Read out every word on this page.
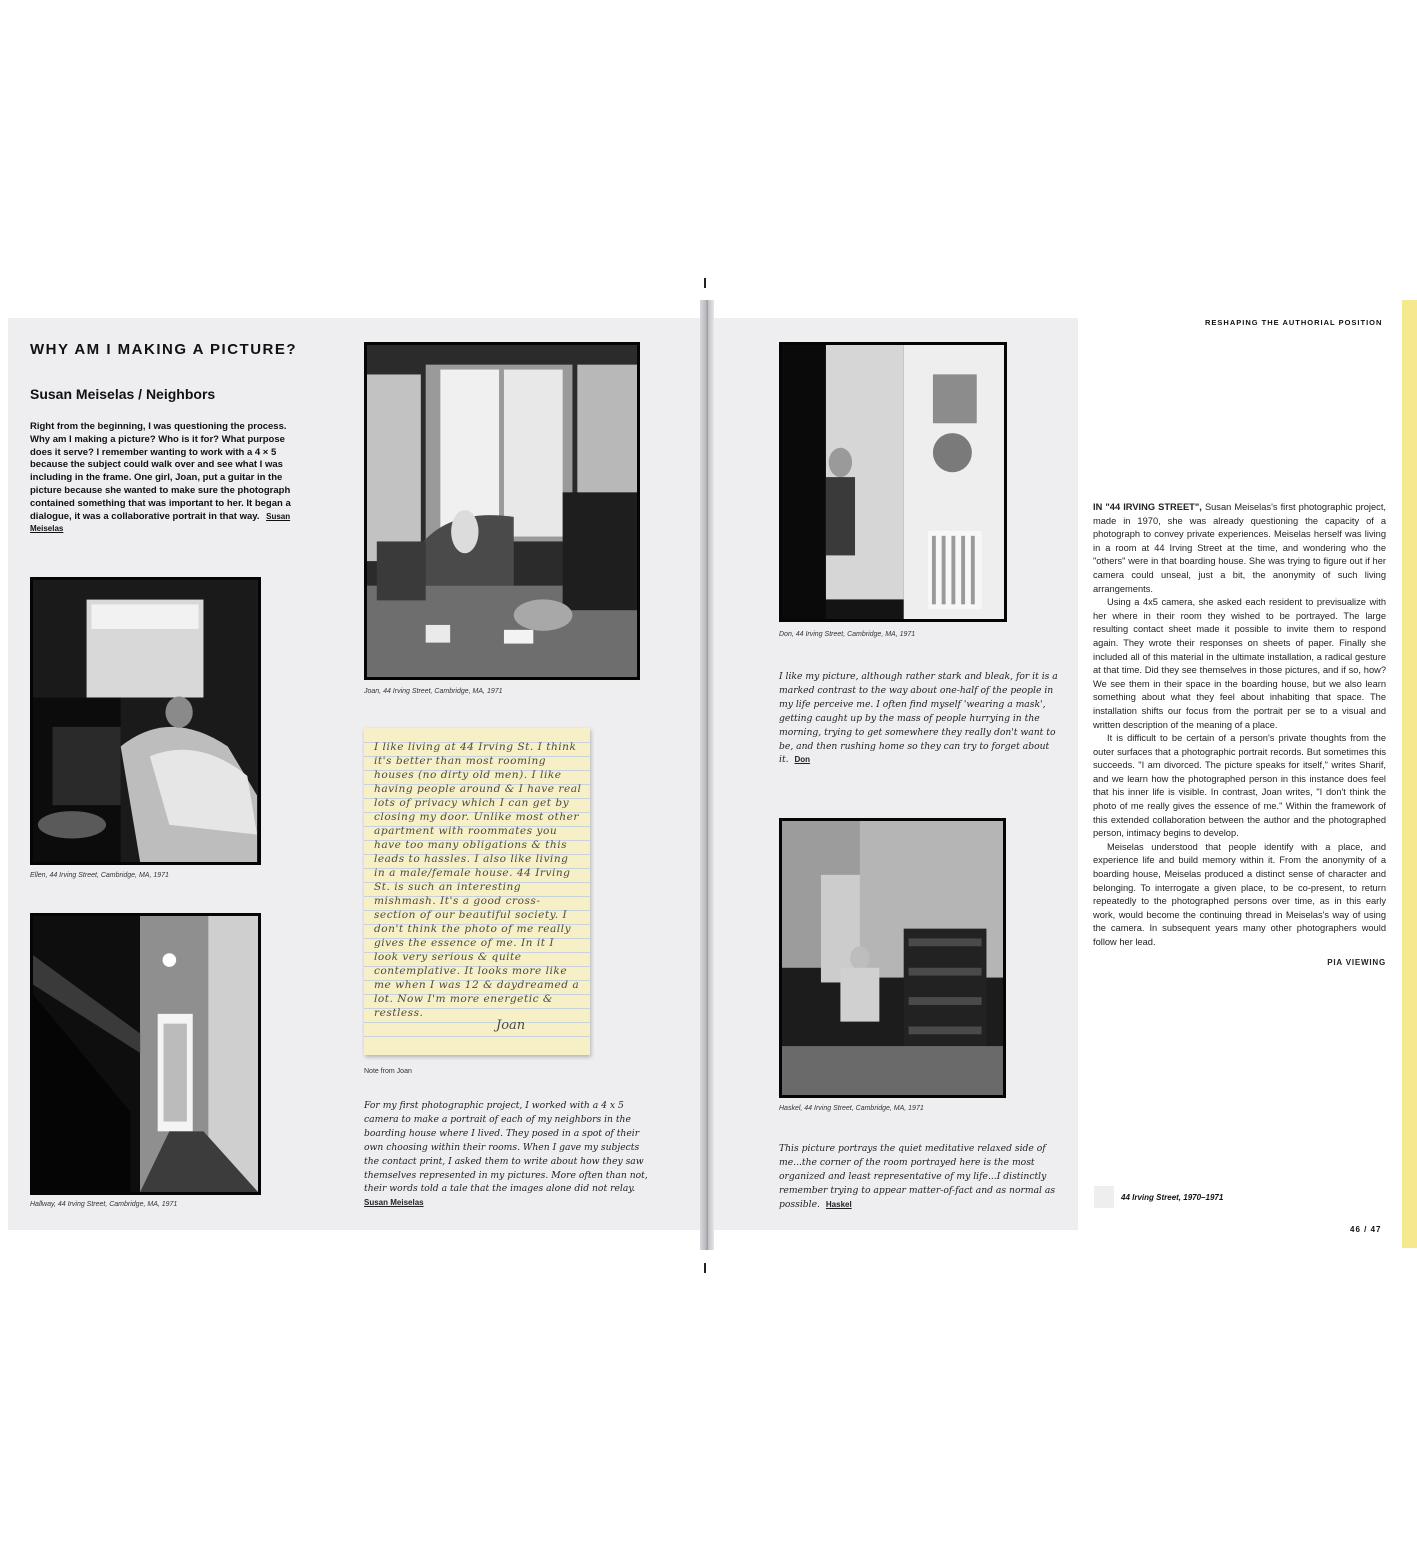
WHY AM I MAKING A PICTURE?
Susan Meiselas / Neighbors
Right from the beginning, I was questioning the process. Why am I making a picture? Who is it for? What purpose does it serve? I remember wanting to work with a 4 × 5 because the subject could walk over and see what I was including in the frame. One girl, Joan, put a guitar in the picture because she wanted to make sure the photograph contained something that was important to her. It began a dialogue, it was a collaborative portrait in that way. Susan Meiselas
Ellen, 44 Irving Street, Cambridge, MA, 1971
Hallway, 44 Irving Street, Cambridge, MA, 1971
Joan, 44 Irving Street, Cambridge, MA, 1971
I like living at 44 Irving St. I think it's better than most rooming houses (no dirty old men). I like having people around & I have real lots of privacy which I can get by closing my door. Unlike most other apartment with roommates you have too many obligations & this leads to hassles. I also like living in a male/female house. 44 Irving St. is such an interesting mishmash. It's a good cross-section of our beautiful society. I don't think the photo of me really gives the essence of me. In it I look very serious & quite contemplative. It looks more like me when I was 12 & daydreamed a lot. Now I'm more energetic & restless.
Joan
Note from Joan
For my first photographic project, I worked with a 4 x 5 camera to make a portrait of each of my neighbors in the boarding house where I lived. They posed in a spot of their own choosing within their rooms. When I gave my subjects the contact print, I asked them to write about how they saw themselves represented in my pictures. More often than not, their words told a tale that the images alone did not relay.
Susan Meiselas
RESHAPING THE AUTHORIAL POSITION
Don, 44 Irving Street, Cambridge, MA, 1971
I like my picture, although rather stark and bleak, for it is a marked contrast to the way about one-half of the people in my life perceive me. I often find myself 'wearing a mask', getting caught up by the mass of people hurrying in the morning, trying to get somewhere they really don't want to be, and then rushing home so they can try to forget about it. Don
Haskel, 44 Irving Street, Cambridge, MA, 1971
This picture portrays the quiet meditative relaxed side of me...the corner of the room portrayed here is the most organized and least representative of my life...I distinctly remember trying to appear matter-of-fact and as normal as possible. Haskel

IN "44 IRVING STREET", Susan Meiselas's first photographic project, made in 1970, she was already questioning the capacity of a photograph to convey private experiences. Meiselas herself was living in a room at 44 Irving Street at the time, and wondering who the "others" were in that boarding house. She was trying to figure out if her camera could unseal, just a bit, the anonymity of such living arrangements.

Using a 4x5 camera, she asked each resident to previsualize with her where in their room they wished to be portrayed. The large resulting contact sheet made it possible to invite them to respond again. They wrote their responses on sheets of paper. Finally she included all of this material in the ultimate installation, a radical gesture at that time. Did they see themselves in those pictures, and if so, how? We see them in their space in the boarding house, but we also learn something about what they feel about inhabiting that space. The installation shifts our focus from the portrait per se to a visual and written description of the meaning of a place.

It is difficult to be certain of a person's private thoughts from the outer surfaces that a photographic portrait records. But sometimes this succeeds. "I am divorced. The picture speaks for itself," writes Sharif, and we learn how the photographed person in this instance does feel that his inner life is visible. In contrast, Joan writes, "I don't think the photo of me really gives the essence of me." Within the framework of this extended collaboration between the author and the photographed person, intimacy begins to develop.

Meiselas understood that people identify with a place, and experience life and build memory within it. From the anonymity of a boarding house, Meiselas produced a distinct sense of character and belonging. To interrogate a given place, to be co-present, to return repeatedly to the photographed persons over time, as in this early work, would become the continuing thread in Meiselas's way of using the camera. In subsequent years many other photographers would follow her lead.

PIA VIEWING
44 Irving Street, 1970–1971
46 / 47
